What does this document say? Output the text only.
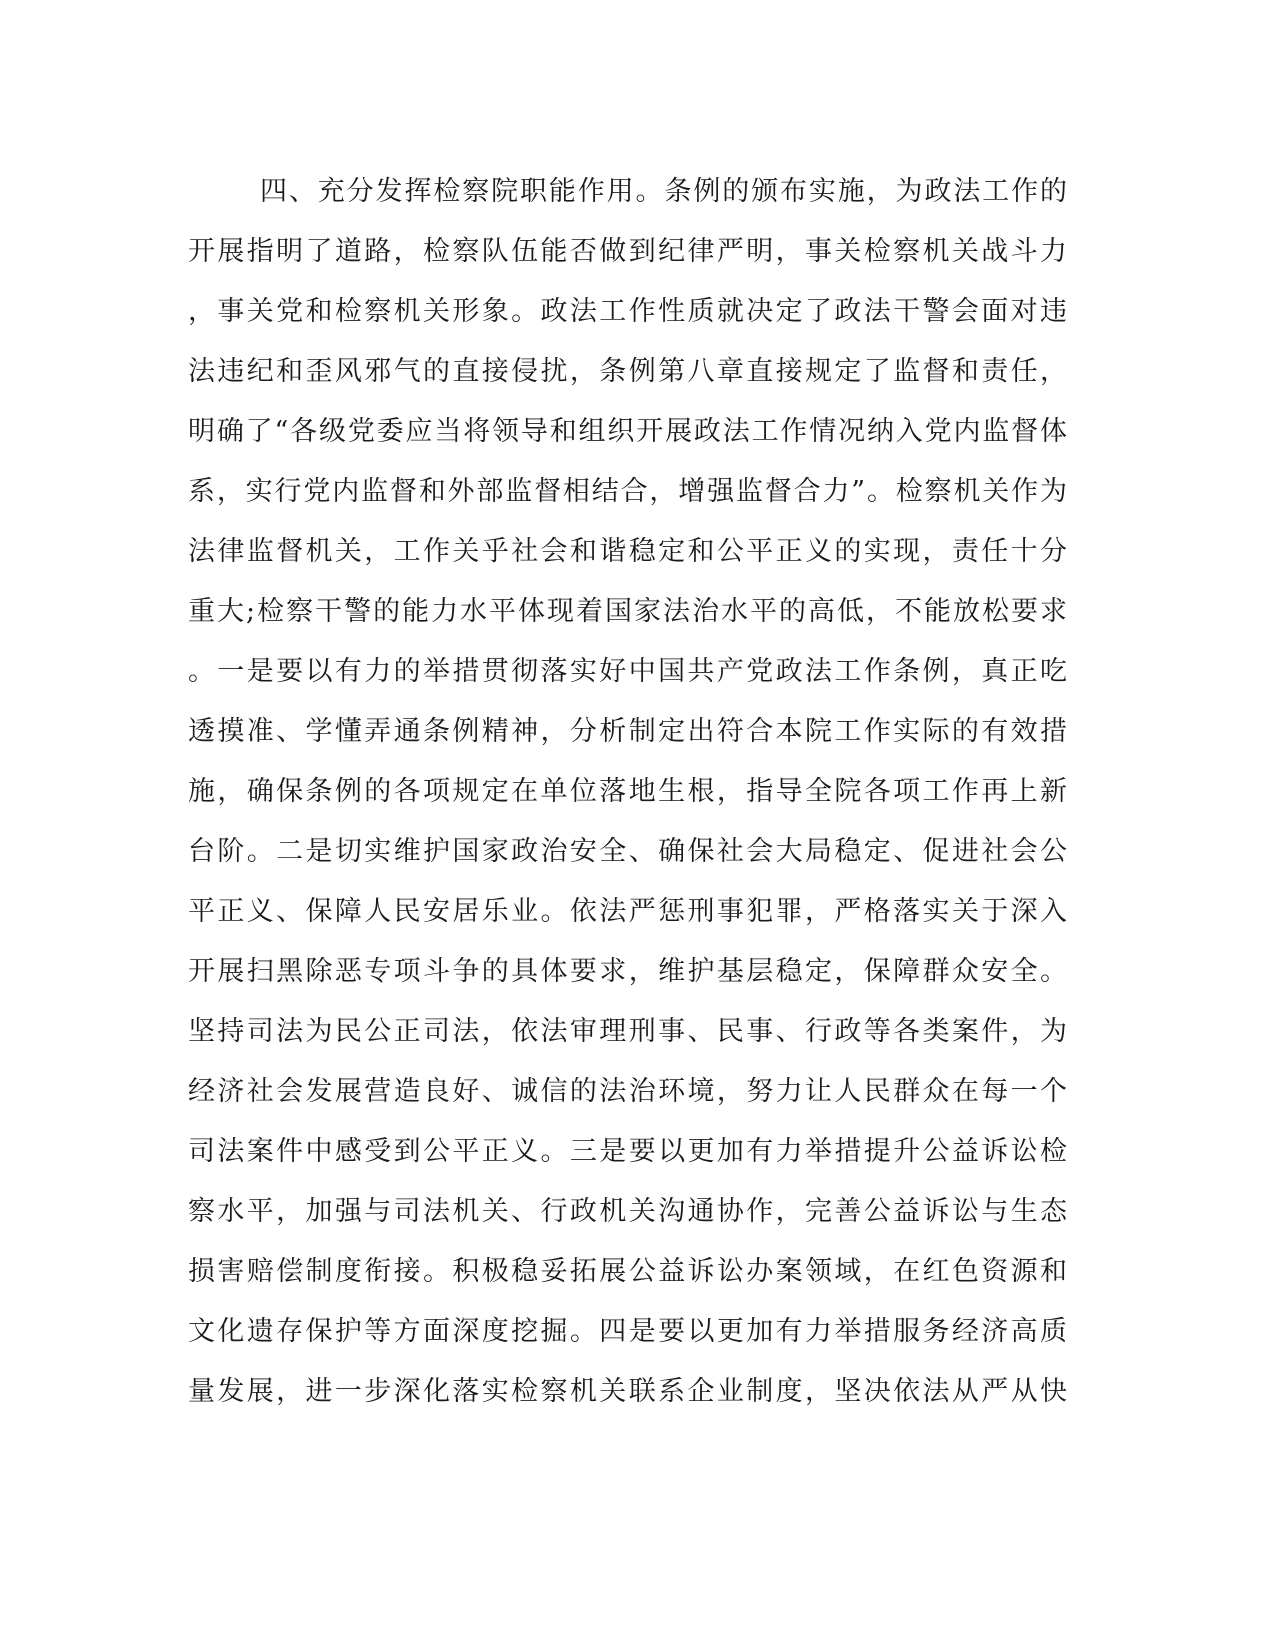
四、充分发挥检察院职能作用。条例的颁布实施，为政法工作的
开展指明了道路，检察队伍能否做到纪律严明，事关检察机关战斗力
，事关党和检察机关形象。政法工作性质就决定了政法干警会面对违
法违纪和歪风邪气的直接侵扰，条例第八章直接规定了监督和责任，
明确了“各级党委应当将领导和组织开展政法工作情况纳入党内监督体
系，实行党内监督和外部监督相结合，增强监督合力”。检察机关作为
法律监督机关，工作关乎社会和谐稳定和公平正义的实现，责任十分
重大;检察干警的能力水平体现着国家法治水平的高低，不能放松要求
。一是要以有力的举措贯彻落实好中国共产党政法工作条例，真正吃
透摸准、学懂弄通条例精神，分析制定出符合本院工作实际的有效措
施，确保条例的各项规定在单位落地生根，指导全院各项工作再上新
台阶。二是切实维护国家政治安全、确保社会大局稳定、促进社会公
平正义、保障人民安居乐业。依法严惩刑事犯罪，严格落实关于深入
开展扫黑除恶专项斗争的具体要求，维护基层稳定，保障群众安全。
坚持司法为民公正司法，依法审理刑事、民事、行政等各类案件，为
经济社会发展营造良好、诚信的法治环境，努力让人民群众在每一个
司法案件中感受到公平正义。三是要以更加有力举措提升公益诉讼检
察水平，加强与司法机关、行政机关沟通协作，完善公益诉讼与生态
损害赔偿制度衔接。积极稳妥拓展公益诉讼办案领域，在红色资源和
文化遗存保护等方面深度挖掘。四是要以更加有力举措服务经济高质
量发展，进一步深化落实检察机关联系企业制度，坚决依法从严从快
